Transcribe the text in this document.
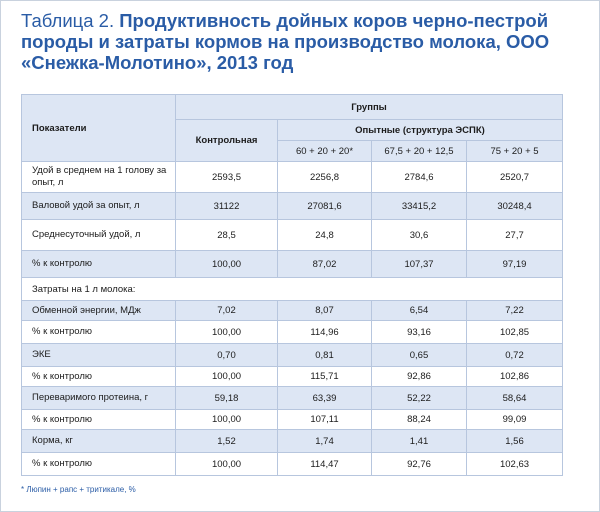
Таблица 2. Продуктивность дойных коров черно-пестрой породы и затраты кормов на производство молока, ООО «Снежка-Молотино», 2013 год
Показатели	Группы			
	Контрольная	Опытные (структура ЭСПК)		
		60 + 20 + 20*	67,5 + 20 + 12,5	75 + 20 + 5
Удой в среднем на 1 голову за опыт, л	2593,5	2256,8	2784,6	2520,7
Валовой удой за опыт, л	31122	27081,6	33415,2	30248,4
Среднесуточный удой, л	28,5	24,8	30,6	27,7
% к контролю	100,00	87,02	107,37	97,19
Затраты на 1 л молока:				
Обменной энергии, МДж	7,02	8,07	6,54	7,22
% к контролю	100,00	114,96	93,16	102,85
ЭКЕ	0,70	0,81	0,65	0,72
% к контролю	100,00	115,71	92,86	102,86
Переваримого протеина, г	59,18	63,39	52,22	58,64
% к контролю	100,00	107,11	88,24	99,09
Корма, кг	1,52	1,74	1,41	1,56
% к контролю	100,00	114,47	92,76	102,63
* Люпин + рапс + тритикале, %
